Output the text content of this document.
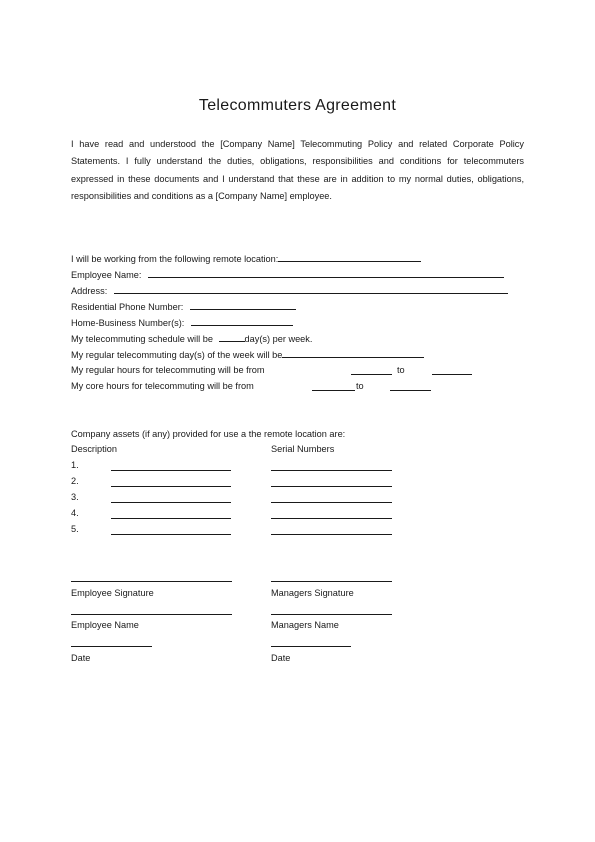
Telecommuters Agreement
I have read and understood the [Company Name] Telecommuting Policy and related Corporate Policy Statements. I fully understand the duties, obligations, responsibilities and conditions for telecommuters expressed in these documents and I understand that these are in addition to my normal duties, obligations, responsibilities and conditions as a [Company Name] employee.
I will be working from the following remote location:
Employee Name:
Address:
Residential Phone Number:
Home-Business Number(s):
My telecommuting schedule will be	day(s) per week.
My regular telecommuting day(s) of the week will be
My regular hours for telecommuting will be from	to
My core hours for telecommuting will be from	to
Company assets (if any) provided for use a the remote location are:
Description	Serial Numbers
1.
2.
3.
4.
5.
Employee Signature	Managers Signature
Employee Name	Managers Name
Date	Date
